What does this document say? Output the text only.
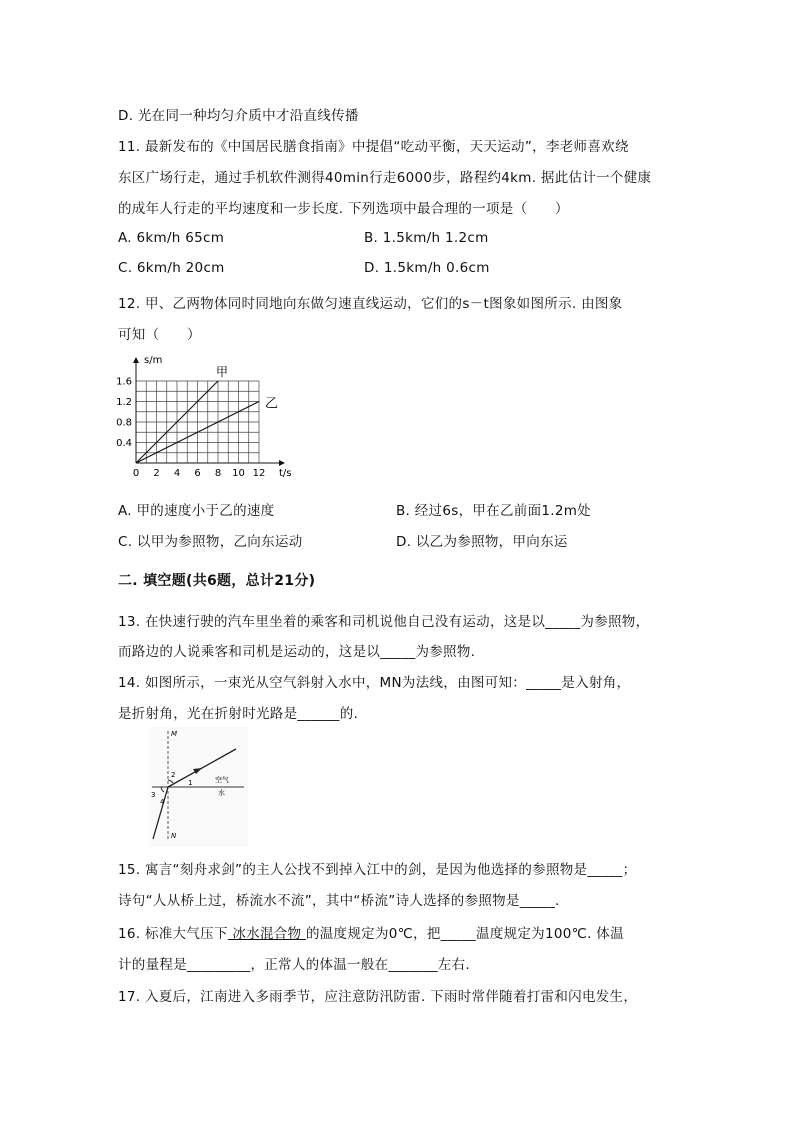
D. 光在同一种均匀介质中才沿直线传播
11. 最新发布的《中国居民膳食指南》中提倡“吃动平衡，天天运动”，李老师喜欢绕
东区广场行走，通过手机软件测得40min行走6000步，路程约4km. 据此估计一个健康
的成年人行走的平均速度和一步长度. 下列选项中最合理的一项是（　　）
A. 6km/h 65cm	B. 1.5km/h 1.2cm
C. 6km/h 20cm	D. 1.5km/h 0.6cm
12. 甲、乙两物体同时同地向东做匀速直线运动，它们的s－t图象如图所示. 由图象
可知（　　）
甲
乙
0 2 4 6 8 10 12
0.4
0.8
1.2
1.6
t/s
s/m
A. 甲的速度小于乙的速度	B. 经过6s，甲在乙前面1.2m处
C. 以甲为参照物，乙向东运动	D. 以乙为参照物，甲向东运
二. 填空题(共6题，总计21分)
13. 在快速行驶的汽车里坐着的乘客和司机说他自己没有运动，这是以_____为参照物，
而路边的人说乘客和司机是运动的，这是以_____为参照物.
14. 如图所示，一束光从空气斜射入水中，MN为法线，由图可知：_____是入射角，
是折射角，光在折射时光路是______的.
M
N
空气
水
1
2
3
4
15. 寓言“刻舟求剑”的主人公找不到掉入江中的剑，是因为他选择的参照物是_____；
诗句“人从桥上过，桥流水不流”，其中“桥流”诗人选择的参照物是_____.
16. 标准大气压下 冰水混合物 的温度规定为0℃，把_____温度规定为100℃. 体温
计的量程是_________，正常人的体温一般在_______左右.
17. 入夏后，江南进入多雨季节，应注意防汛防雷. 下雨时常伴随着打雷和闪电发生，
